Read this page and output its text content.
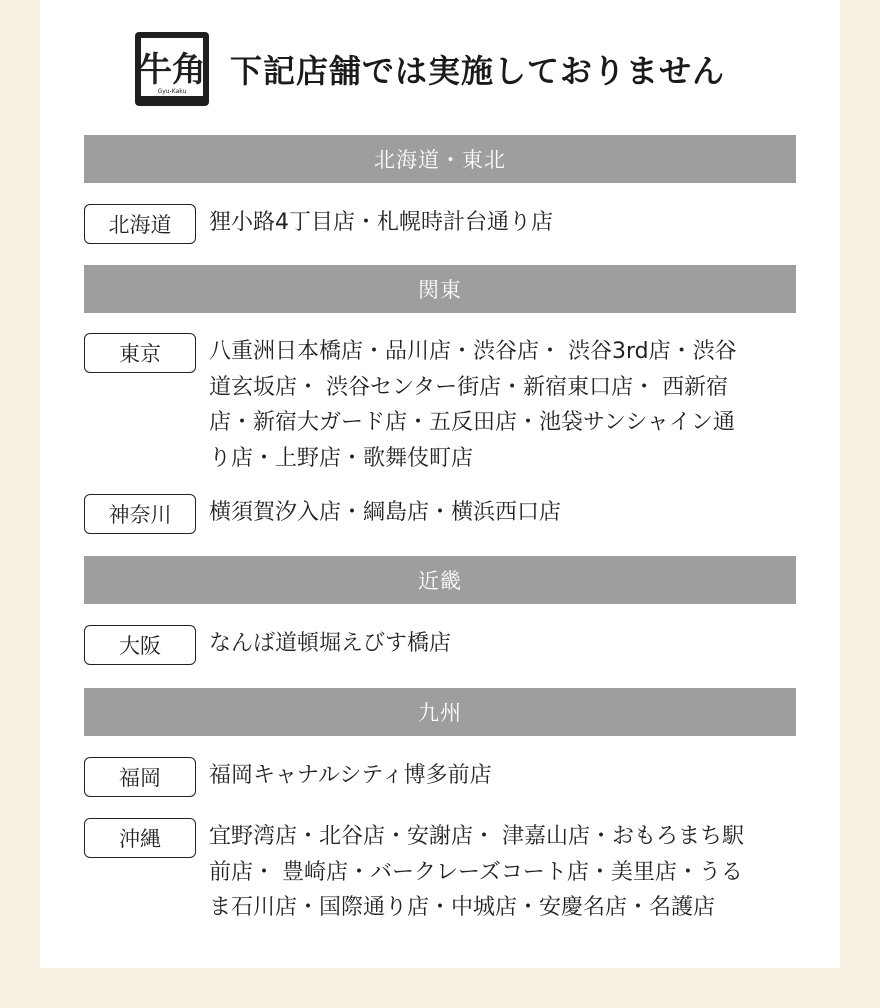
牛角
Gyu-Kaku
下記店舗では実施しておりません
北海道・東北
北海道	狸小路4丁目店・札幌時計台通り店
関東
東京	八重洲日本橋店・品川店・渋谷店・ 渋谷3rd店・渋谷
道玄坂店・ 渋谷センター街店・新宿東口店・ 西新宿
店・新宿大ガード店・五反田店・池袋サンシャイン通
り店・上野店・歌舞伎町店
神奈川	横須賀汐入店・綱島店・横浜西口店
近畿
大阪	なんば道頓堀えびす橋店
九州
福岡	福岡キャナルシティ博多前店
沖縄	宜野湾店・北谷店・安謝店・ 津嘉山店・おもろまち駅
前店・ 豊崎店・バークレーズコート店・美里店・うる
ま石川店・国際通り店・中城店・安慶名店・名護店
